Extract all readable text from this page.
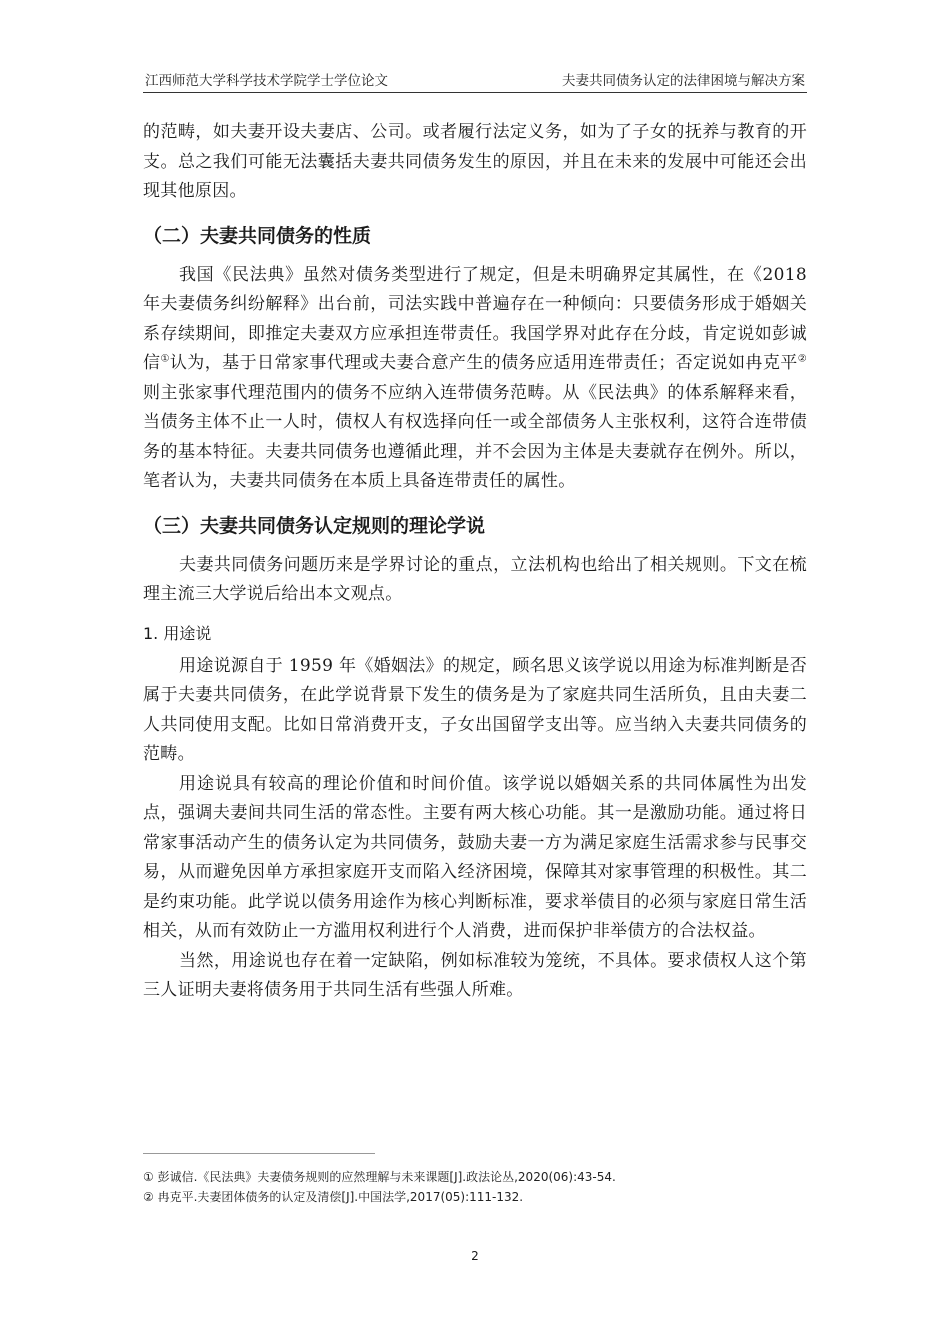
江西师范大学科学技术学院学士学位论文	夫妻共同债务认定的法律困境与解决方案

的范畴，如夫妻开设夫妻店、公司。或者履行法定义务，如为了子女的抚养与教育的开支。总之我们可能无法囊括夫妻共同债务发生的原因，并且在未来的发展中可能还会出现其他原因。

（二）夫妻共同债务的性质

我国《民法典》虽然对债务类型进行了规定，但是未明确界定其属性，在《2018年夫妻债务纠纷解释》出台前，司法实践中普遍存在一种倾向：只要债务形成于婚姻关系存续期间，即推定夫妻双方应承担连带责任。我国学界对此存在分歧，肯定说如彭诚信①认为，基于日常家事代理或夫妻合意产生的债务应适用连带责任；否定说如冉克平②则主张家事代理范围内的债务不应纳入连带债务范畴。从《民法典》的体系解释来看，当债务主体不止一人时，债权人有权选择向任一或全部债务人主张权利，这符合连带债务的基本特征。夫妻共同债务也遵循此理，并不会因为主体是夫妻就存在例外。所以，笔者认为，夫妻共同债务在本质上具备连带责任的属性。

（三）夫妻共同债务认定规则的理论学说

夫妻共同债务问题历来是学界讨论的重点，立法机构也给出了相关规则。下文在梳理主流三大学说后给出本文观点。

1. 用途说

用途说源自于 1959 年《婚姻法》的规定，顾名思义该学说以用途为标准判断是否属于夫妻共同债务，在此学说背景下发生的债务是为了家庭共同生活所负，且由夫妻二人共同使用支配。比如日常消费开支，子女出国留学支出等。应当纳入夫妻共同债务的范畴。

用途说具有较高的理论价值和时间价值。该学说以婚姻关系的共同体属性为出发点，强调夫妻间共同生活的常态性。主要有两大核心功能。其一是激励功能。通过将日常家事活动产生的债务认定为共同债务，鼓励夫妻一方为满足家庭生活需求参与民事交易，从而避免因单方承担家庭开支而陷入经济困境，保障其对家事管理的积极性。其二是约束功能。此学说以债务用途作为核心判断标准，要求举债目的必须与家庭日常生活相关，从而有效防止一方滥用权利进行个人消费，进而保护非举债方的合法权益。

当然，用途说也存在着一定缺陷，例如标准较为笼统，不具体。要求债权人这个第三人证明夫妻将债务用于共同生活有些强人所难。

① 彭诚信.《民法典》夫妻债务规则的应然理解与未来课题[J].政法论丛,2020(06):43-54.
② 冉克平.夫妻团体债务的认定及清偿[J].中国法学,2017(05):111-132.
2
